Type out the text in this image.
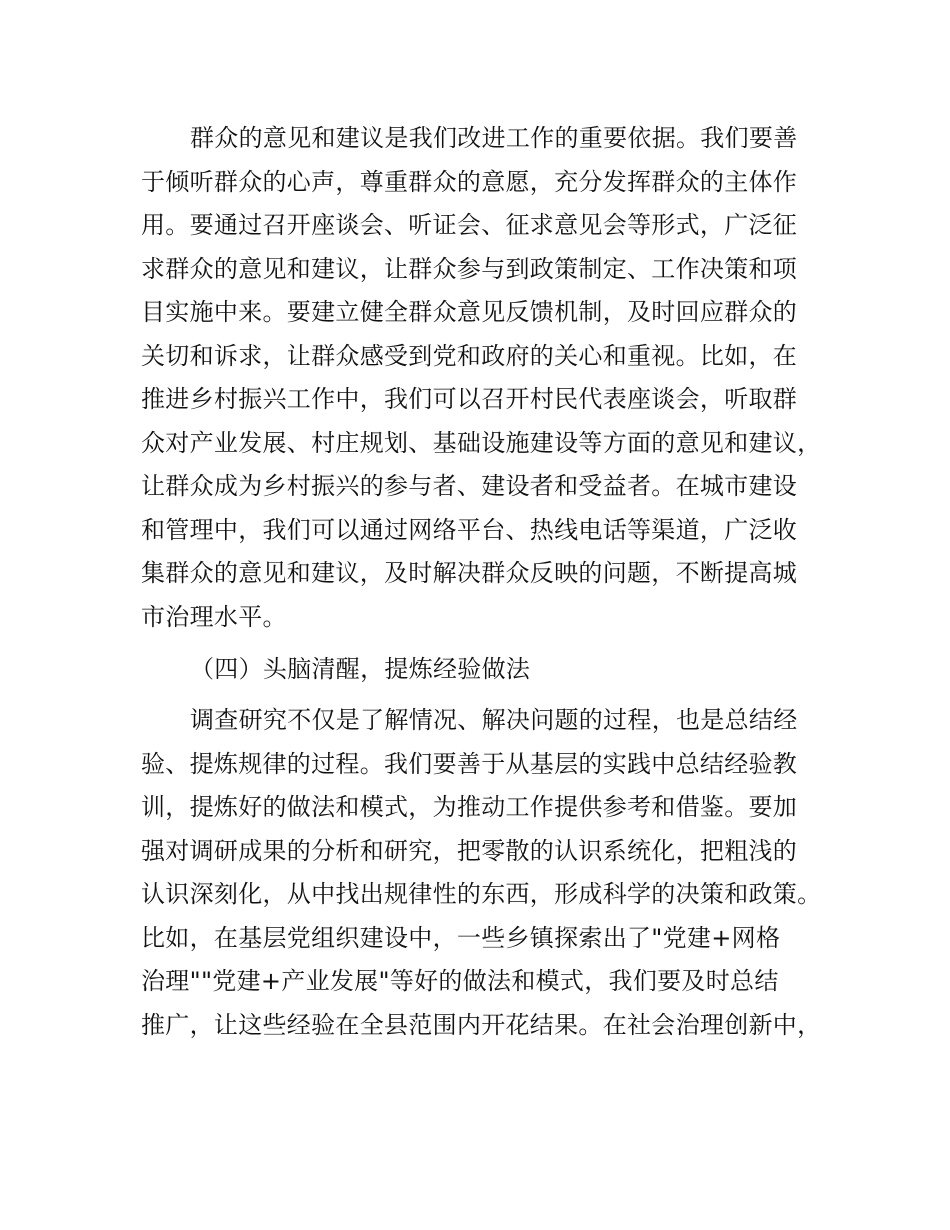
群众的意见和建议是我们改进工作的重要依据。我们要善
于倾听群众的心声，尊重群众的意愿，充分发挥群众的主体作
用。要通过召开座谈会、听证会、征求意见会等形式，广泛征
求群众的意见和建议，让群众参与到政策制定、工作决策和项
目实施中来。要建立健全群众意见反馈机制，及时回应群众的
关切和诉求，让群众感受到党和政府的关心和重视。比如，在
推进乡村振兴工作中，我们可以召开村民代表座谈会，听取群
众对产业发展、村庄规划、基础设施建设等方面的意见和建议，
让群众成为乡村振兴的参与者、建设者和受益者。在城市建设
和管理中，我们可以通过网络平台、热线电话等渠道，广泛收
集群众的意见和建议，及时解决群众反映的问题，不断提高城
市治理水平。
（四）头脑清醒，提炼经验做法
调查研究不仅是了解情况、解决问题的过程，也是总结经
验、提炼规律的过程。我们要善于从基层的实践中总结经验教
训，提炼好的做法和模式，为推动工作提供参考和借鉴。要加
强对调研成果的分析和研究，把零散的认识系统化，把粗浅的
认识深刻化，从中找出规律性的东西，形成科学的决策和政策。
比如，在基层党组织建设中，一些乡镇探索出了"党建+网格
治理""党建+产业发展"等好的做法和模式，我们要及时总结
推广，让这些经验在全县范围内开花结果。在社会治理创新中，
